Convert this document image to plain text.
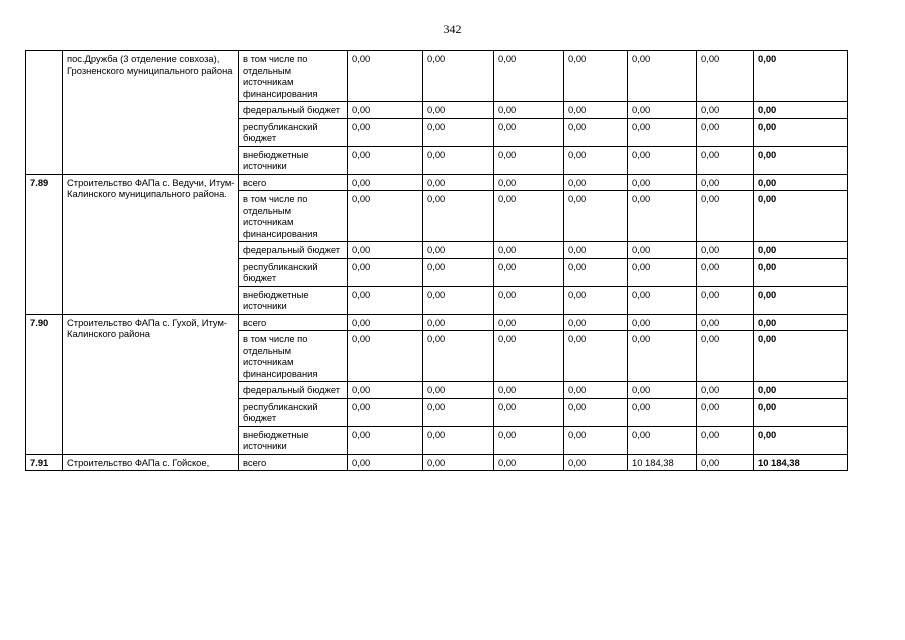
342
	пос.Дружба (3 отделение совхоза), Грозненского муниципального района	в том числе по отдельным источникам финансирования	0,00	0,00	0,00	0,00	0,00	0,00	0,00
		федеральный бюджет	0,00	0,00	0,00	0,00	0,00	0,00	0,00
		республиканский бюджет	0,00	0,00	0,00	0,00	0,00	0,00	0,00
		внебюджетные источники	0,00	0,00	0,00	0,00	0,00	0,00	0,00
7.89	Строительство ФАПа с. Ведучи, Итум-Калинского муниципального района.	всего	0,00	0,00	0,00	0,00	0,00	0,00	0,00
		в том числе по отдельным источникам финансирования	0,00	0,00	0,00	0,00	0,00	0,00	0,00
		федеральный бюджет	0,00	0,00	0,00	0,00	0,00	0,00	0,00
		республиканский бюджет	0,00	0,00	0,00	0,00	0,00	0,00	0,00
		внебюджетные источники	0,00	0,00	0,00	0,00	0,00	0,00	0,00
7.90	Строительство ФАПа с. Гухой, Итум-Калинского района	всего	0,00	0,00	0,00	0,00	0,00	0,00	0,00
		в том числе по отдельным источникам финансирования	0,00	0,00	0,00	0,00	0,00	0,00	0,00
		федеральный бюджет	0,00	0,00	0,00	0,00	0,00	0,00	0,00
		республиканский бюджет	0,00	0,00	0,00	0,00	0,00	0,00	0,00
		внебюджетные источники	0,00	0,00	0,00	0,00	0,00	0,00	0,00
7.91	Строительство ФАПа с. Гойское,	всего	0,00	0,00	0,00	0,00	10 184,38	0,00	10 184,38
